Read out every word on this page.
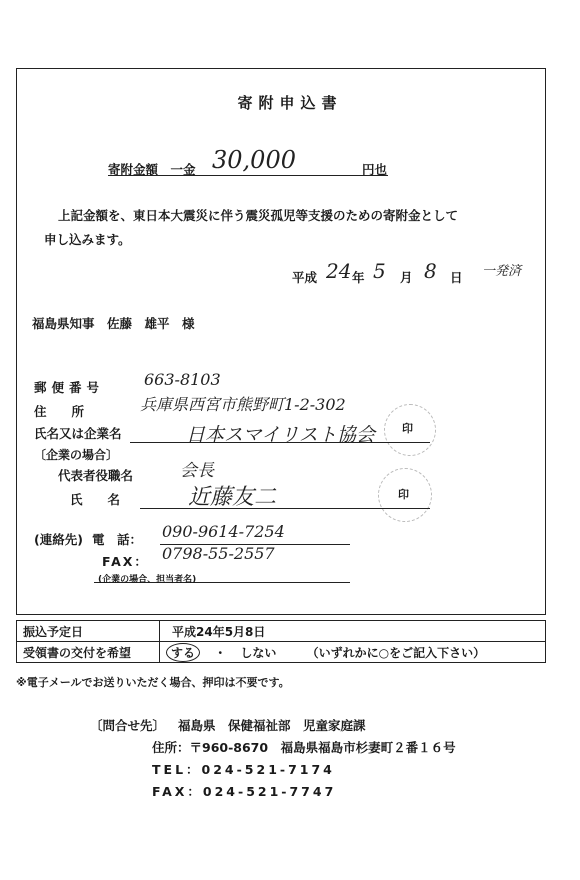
寄附申込書
寄附金額　一金 30,000	円也
上記金額を、東日本大震災に伴う震災孤児等支援のための寄附金として
申し込みます。
平成 24 年 5 月 8 日 一発済
福島県知事　佐藤　雄平　様
郵便番号 663-8103
住　　所	兵庫県西宮市熊野町1-2-302
氏名又は企業名	日本スマイリスト協会 印
〔企業の場合〕
代表者役職名	会長
氏　　名	近藤友二	印
(連絡先) 電　話： 090-9614-7254
FAX： 0798-55-2557
(企業の場合、担当者名)
振込予定日	平成24年5月8日
受領書の交付を希望	する ・ しない （いずれかに○をご記入下さい）
※電子メールでお送りいただく場合、押印は不要です。
〔問合せ先〕 福島県　保健福祉部　児童家庭課
住所：〒960-8670　福島県福島市杉妻町２番１６号
TEL：024-521-7174
FAX：024-521-7747
